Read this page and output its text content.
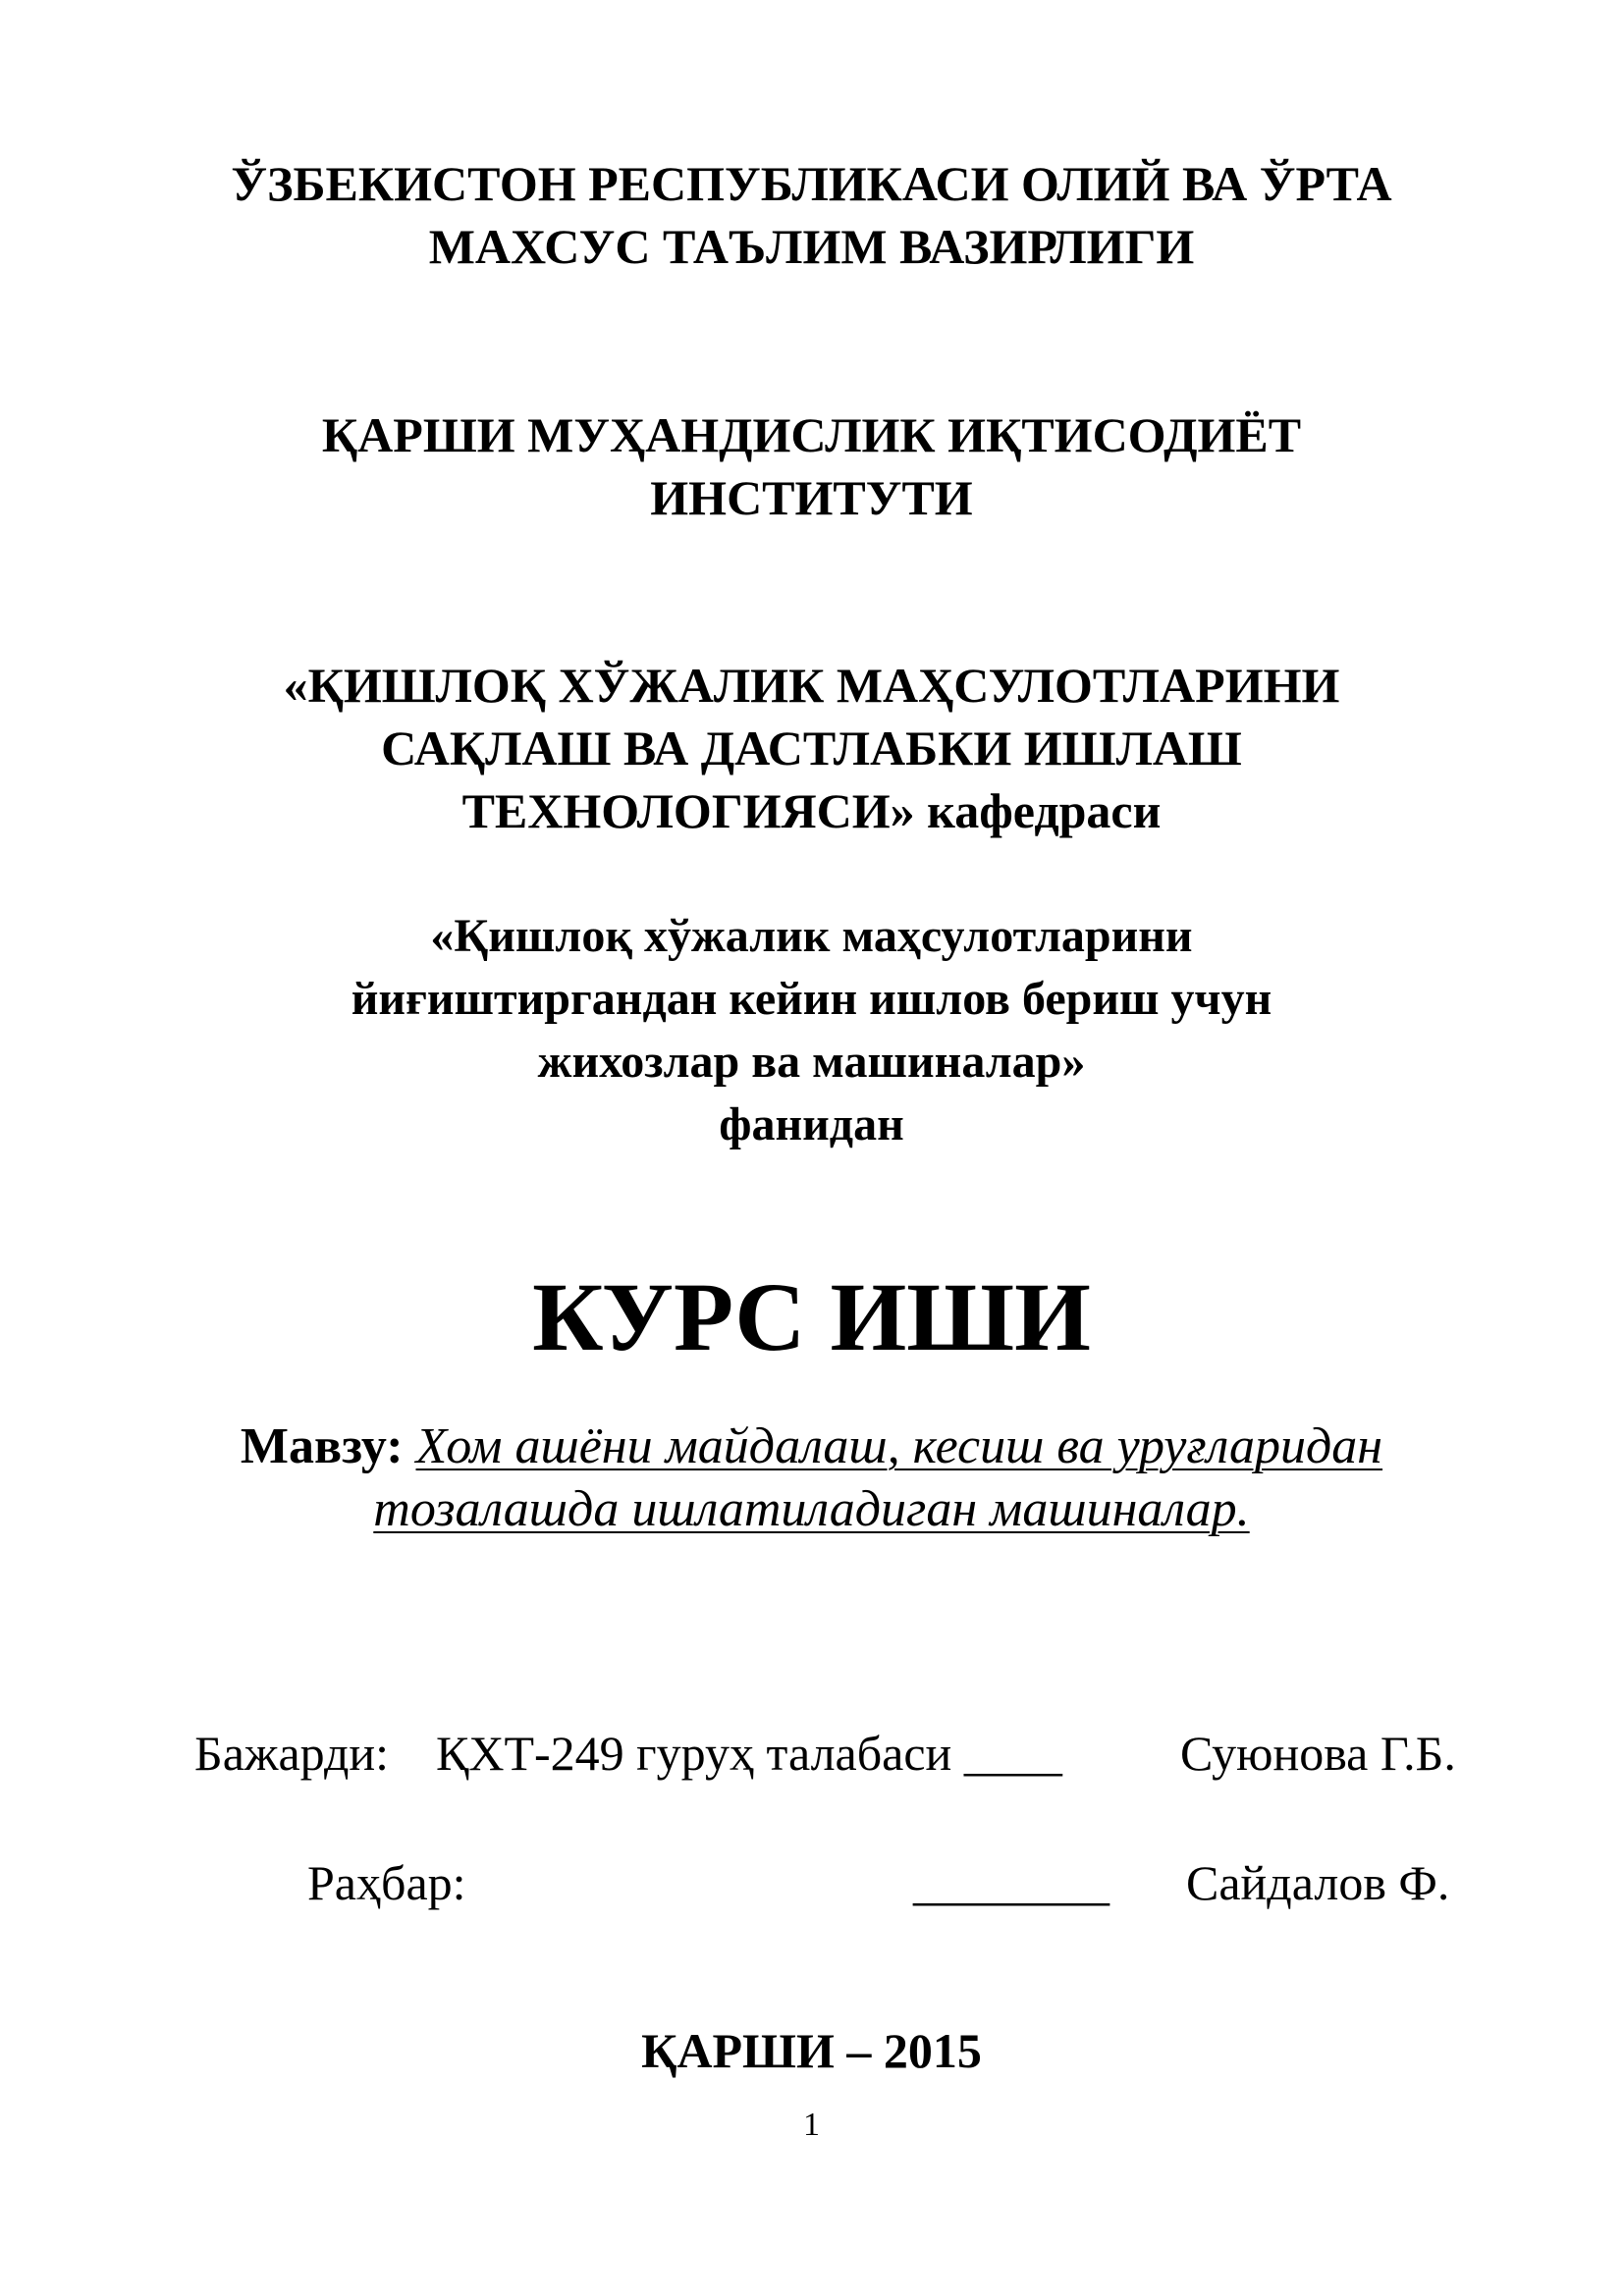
ЎЗБЕКИСТОН РЕСПУБЛИКАСИ ОЛИЙ ВА ЎРТА
МАХСУС ТАЪЛИМ ВАЗИРЛИГИ
ҚАРШИ МУҲАНДИСЛИК ИҚТИСОДИЁТ
ИНСТИТУТИ
«ҚИШЛОҚ ХЎЖАЛИК МАҲСУЛОТЛАРИНИ
САҚЛАШ ВА ДАСТЛАБКИ ИШЛАШ
ТЕХНОЛОГИЯСИ» кафедраси
«Қишлоқ хўжалик маҳсулотларини
йиғиштиргандан кейин ишлов бериш учун
жихозлар ва машиналар»
фанидан
КУРС ИШИ
Мавзу: Хом ашёни майдалаш, кесиш ва уруғларидан
тозалашда ишлатиладиган машиналар.
Бажарди: ҚХТ-249 гуруҳ талабаси ____ Суюнова Г.Б.
Раҳбар:	________ Сайдалов Ф.
ҚАРШИ – 2015
1
